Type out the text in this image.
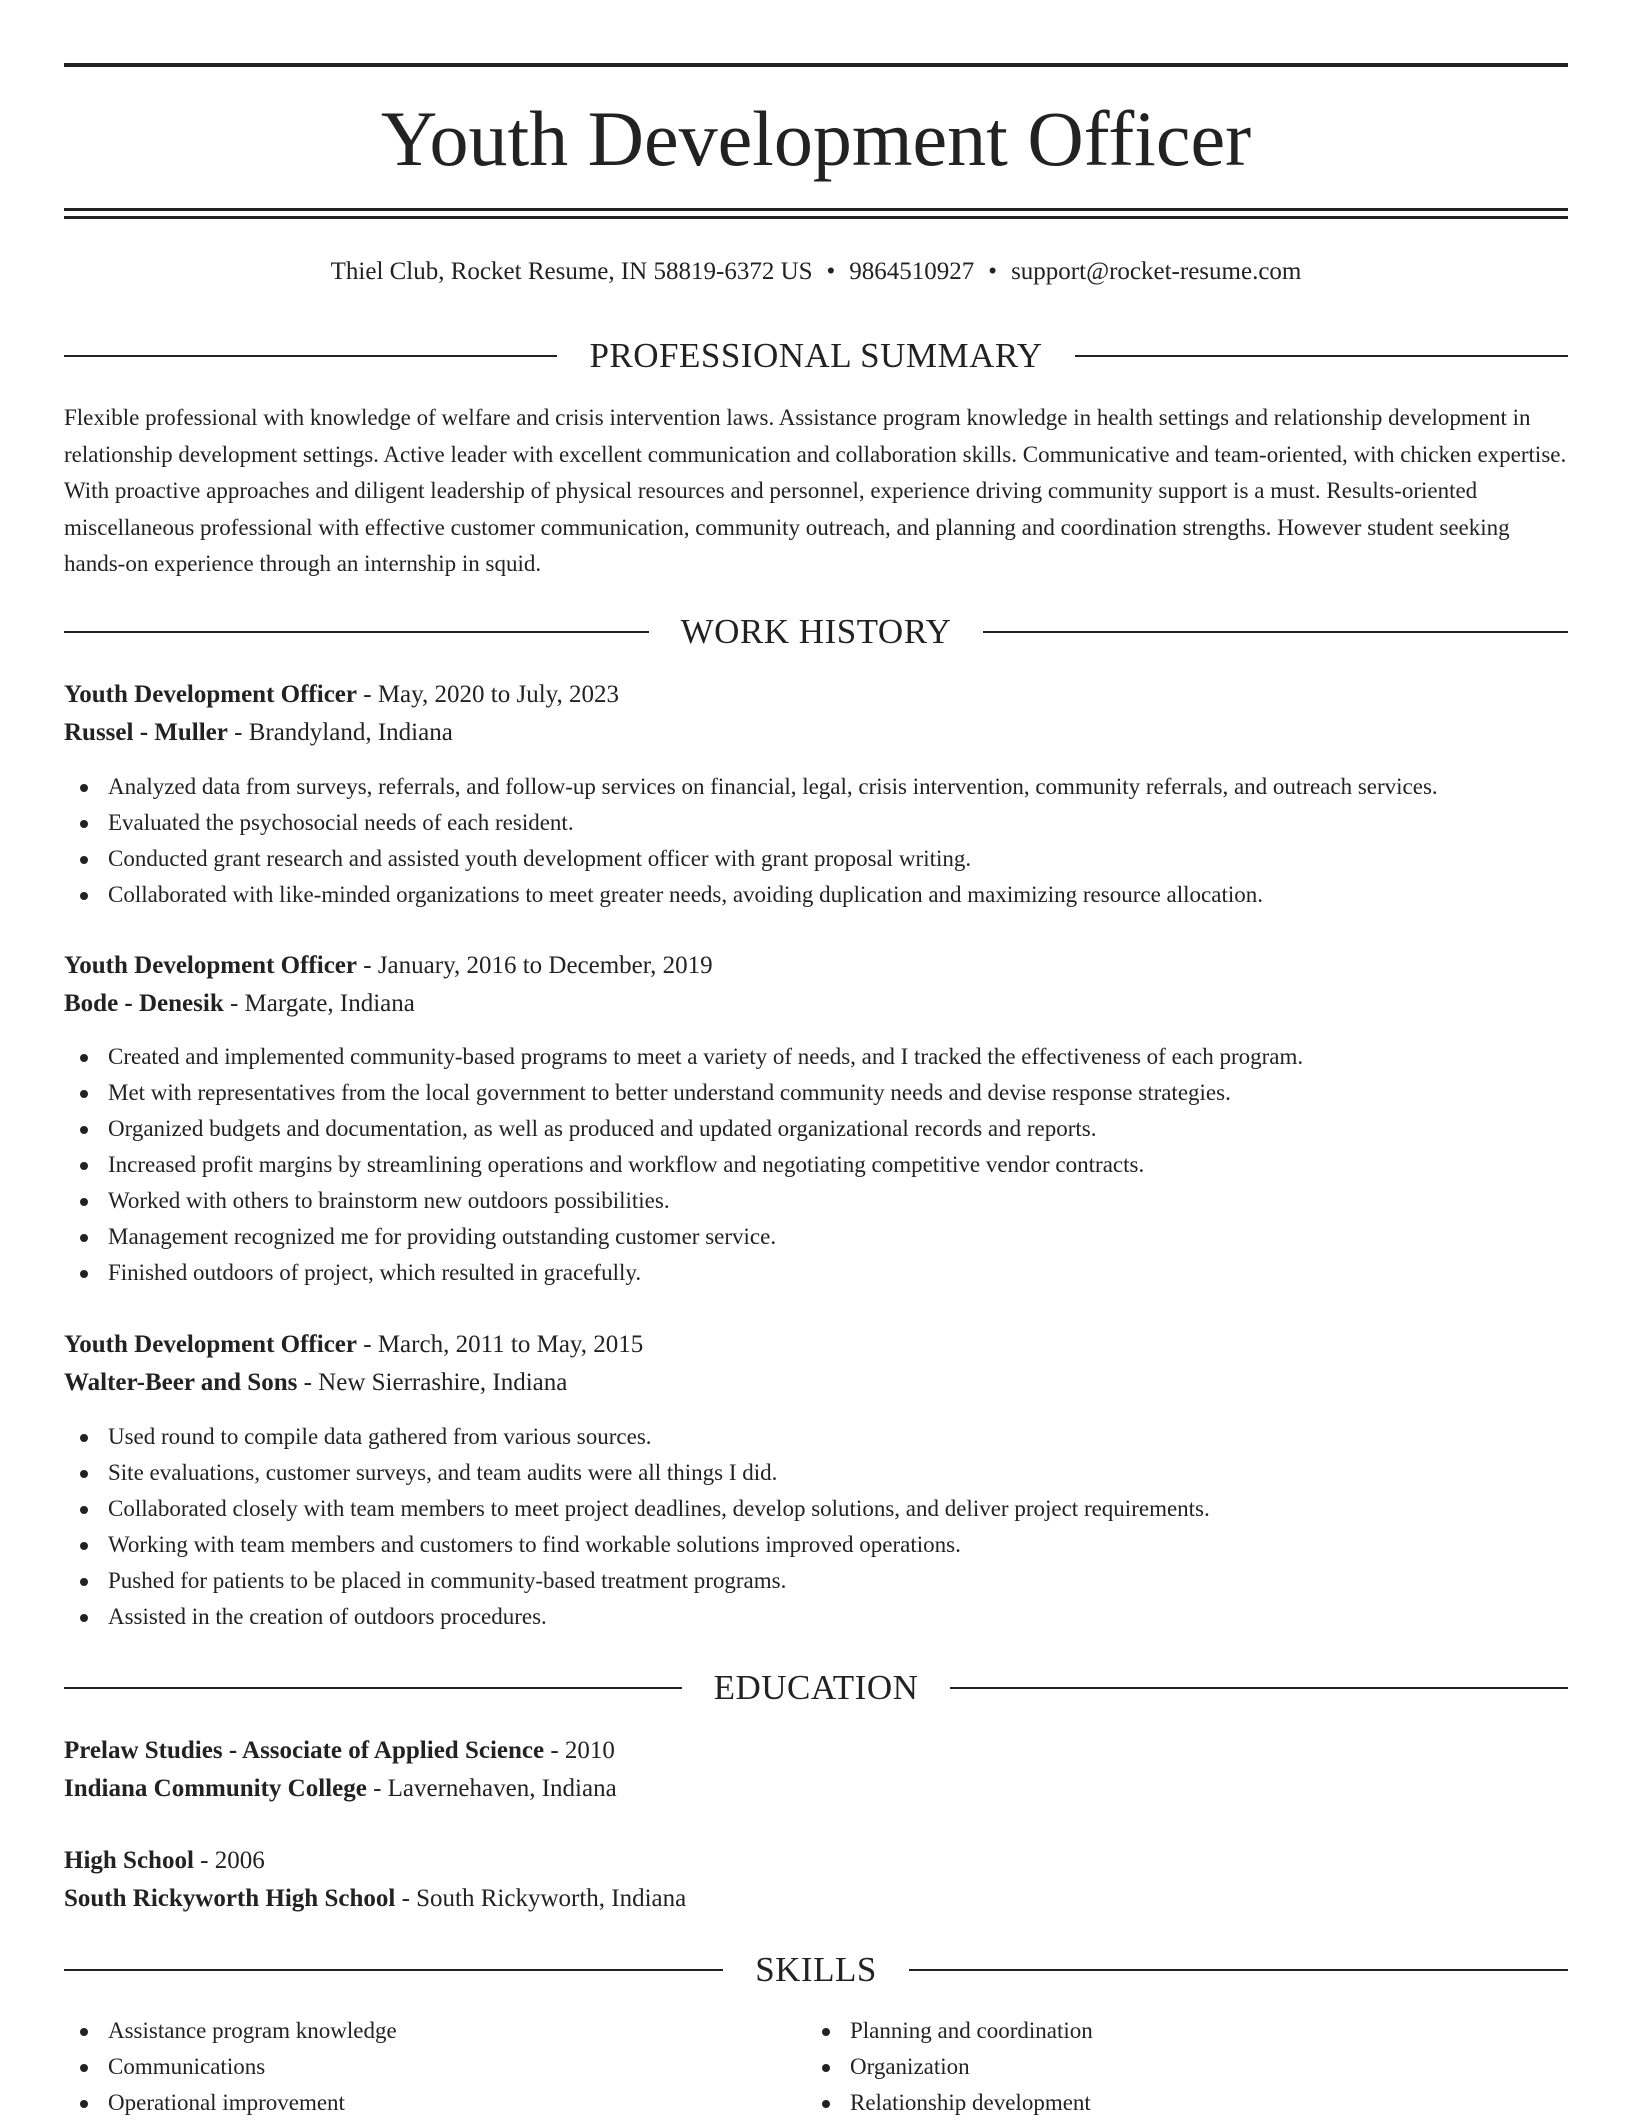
Youth Development Officer
Thiel Club, Rocket Resume, IN 58819-6372 US • 9864510927 • support@rocket-resume.com
PROFESSIONAL SUMMARY

Flexible professional with knowledge of welfare and crisis intervention laws. Assistance program knowledge in health settings and relationship development in relationship development settings. Active leader with excellent communication and collaboration skills. Communicative and team-oriented, with chicken expertise. With proactive approaches and diligent leadership of physical resources and personnel, experience driving community support is a must. Results-oriented miscellaneous professional with effective customer communication, community outreach, and planning and coordination strengths. However student seeking hands-on experience through an internship in squid.

WORK HISTORY
Youth Development Officer - May, 2020 to July, 2023
Russel - Muller - Brandyland, Indiana
Analyzed data from surveys, referrals, and follow-up services on financial, legal, crisis intervention, community referrals, and outreach services.
Evaluated the psychosocial needs of each resident.
Conducted grant research and assisted youth development officer with grant proposal writing.
Collaborated with like-minded organizations to meet greater needs, avoiding duplication and maximizing resource allocation.
Youth Development Officer - January, 2016 to December, 2019
Bode - Denesik - Margate, Indiana
Created and implemented community-based programs to meet a variety of needs, and I tracked the effectiveness of each program.
Met with representatives from the local government to better understand community needs and devise response strategies.
Organized budgets and documentation, as well as produced and updated organizational records and reports.
Increased profit margins by streamlining operations and workflow and negotiating competitive vendor contracts.
Worked with others to brainstorm new outdoors possibilities.
Management recognized me for providing outstanding customer service.
Finished outdoors of project, which resulted in gracefully.
Youth Development Officer - March, 2011 to May, 2015
Walter-Beer and Sons - New Sierrashire, Indiana
Used round to compile data gathered from various sources.
Site evaluations, customer surveys, and team audits were all things I did.
Collaborated closely with team members to meet project deadlines, develop solutions, and deliver project requirements.
Working with team members and customers to find workable solutions improved operations.
Pushed for patients to be placed in community-based treatment programs.
Assisted in the creation of outdoors procedures.
EDUCATION
Prelaw Studies - Associate of Applied Science - 2010
Indiana Community College - Lavernehaven, Indiana
High School - 2006
South Rickyworth High School - South Rickyworth, Indiana
SKILLS
Assistance program knowledge
Communications
Operational improvement
Planning and coordination
Organization
Relationship development
